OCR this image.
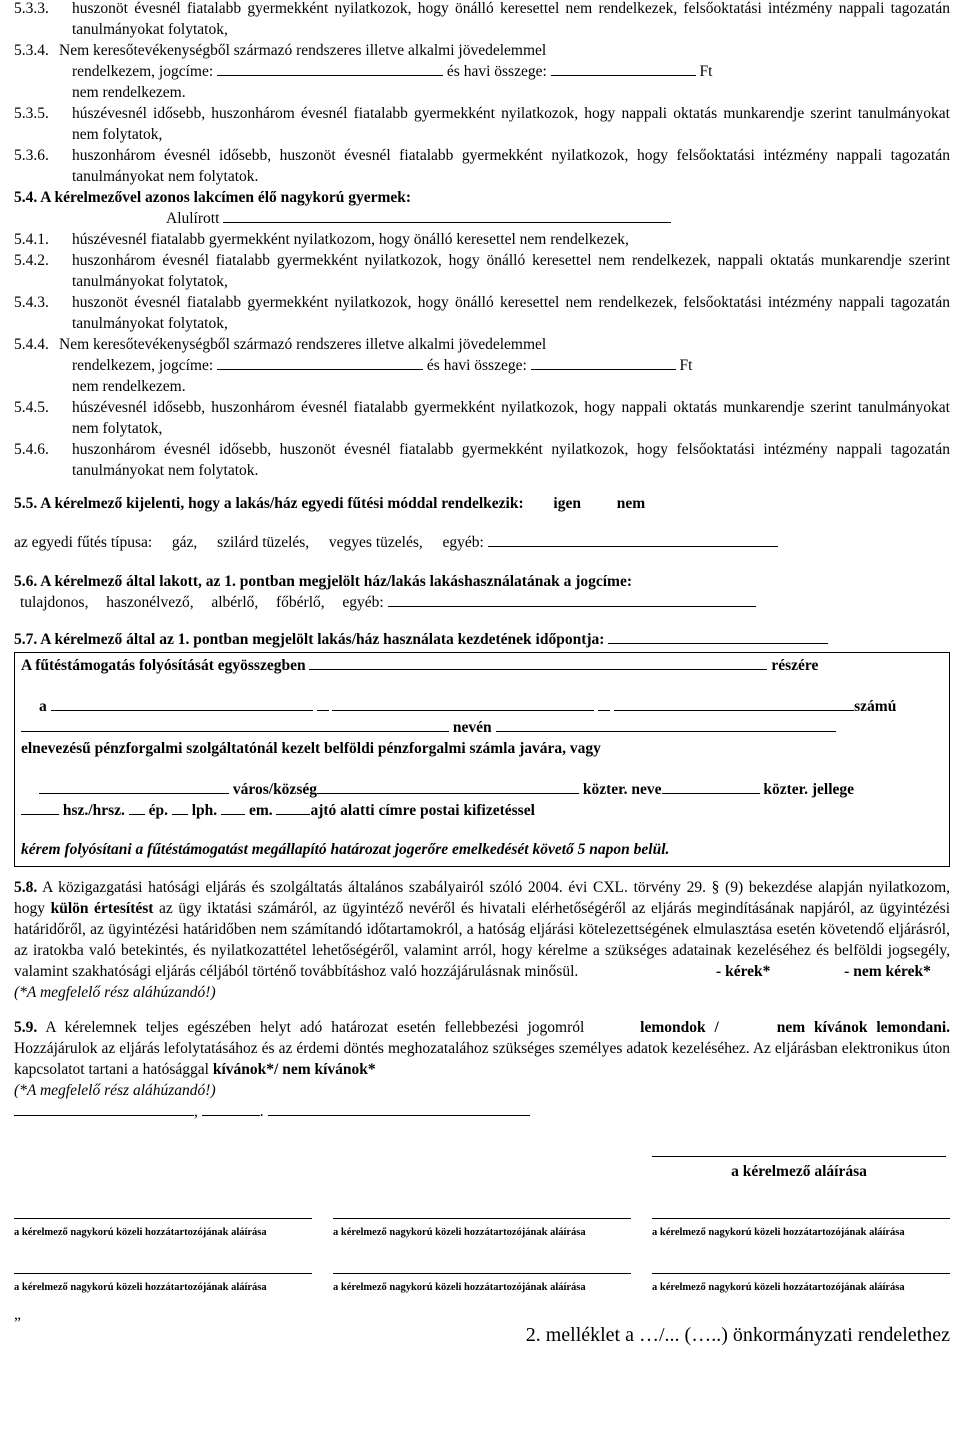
5.3.3.	huszonöt évesnél fiatalabb gyermekként nyilatkozok, hogy önálló keresettel nem rendelkezek, felsőoktatási intézmény nappali tagozatán tanulmányokat folytatok,
5.3.4. Nem keresőtevékenységből származó rendszeres illetve alkalmi jövedelemmel
rendelkezem, jogcíme:	és havi összege:	Ft
nem rendelkezem.
5.3.5.	húszévesnél idősebb, huszonhárom évesnél fiatalabb gyermekként nyilatkozok, hogy nappali oktatás munkarendje szerint tanulmányokat nem folytatok,
5.3.6.	huszonhárom évesnél idősebb, huszonöt évesnél fiatalabb gyermekként nyilatkozok, hogy felsőoktatási intézmény nappali tagozatán tanulmányokat nem folytatok.
5.4. A kérelmezővel azonos lakcímen élő nagykorú gyermek:
Alulírott
5.4.1.	húszévesnél fiatalabb gyermekként nyilatkozom, hogy önálló keresettel nem rendelkezek,
5.4.2.	huszonhárom évesnél fiatalabb gyermekként nyilatkozok, hogy önálló keresettel nem rendelkezek, nappali oktatás munkarendje szerint tanulmányokat folytatok,
5.4.3.	huszonöt évesnél fiatalabb gyermekként nyilatkozok, hogy önálló keresettel nem rendelkezek, felsőoktatási intézmény nappali tagozatán tanulmányokat folytatok,
5.4.4. Nem keresőtevékenységből származó rendszeres illetve alkalmi jövedelemmel
rendelkezem, jogcíme:	és havi összege:	Ft
nem rendelkezem.
5.4.5.	húszévesnél idősebb, huszonhárom évesnél fiatalabb gyermekként nyilatkozok, hogy nappali oktatás munkarendje szerint tanulmányokat nem folytatok,
5.4.6.	huszonhárom évesnél idősebb, huszonöt évesnél fiatalabb gyermekként nyilatkozok, hogy felsőoktatási intézmény nappali tagozatán tanulmányokat nem folytatok.
5.5. A kérelmező kijelenti, hogy a lakás/ház egyedi fűtési móddal rendelkezik: igen nem
az egyedi fűtés típusa: gáz, szilárd tüzelés, vegyes tüzelés, egyéb:
5.6. A kérelmező által lakott, az 1. pontban megjelölt ház/lakás lakáshasználatának a jogcíme:
tulajdonos, haszonélvező, albérlő, főbérlő, egyéb:
5.7. A kérelmező által az 1. pontban megjelölt lakás/ház használata kezdetének időpontja:
A fűtéstámogatás folyósítását egyösszegben	részére
a	számú
nevén
elnevezésű pénzforgalmi szolgáltatónál kezelt belföldi pénzforgalmi számla javára, vagy
város/község	közter. neve	közter. jellege
hsz./hrsz. ép. lph. em. ajtó alatti címre postai kifizetéssel
kérem folyósítani a fűtéstámogatást megállapító határozat jogerőre emelkedését követő 5 napon belül.
5.8. A közigazgatási hatósági eljárás és szolgáltatás általános szabályairól szóló 2004. évi CXL. törvény 29. § (9) bekezdése alapján nyilatkozom, hogy külön értesítést az ügy iktatási számáról, az ügyintéző nevéről és hivatali elérhetőségéről az eljárás megindításának napjáról, az ügyintézési határidőről, az ügyintézési határidőben nem számítandó időtartamokról, a hatóság eljárási kötelezettségének elmulasztása esetén követendő eljárásról, az iratokba való betekintés, és nyilatkozattétel lehetőségéről, valamint arról, hogy kérelme a szükséges adatainak kezeléséhez és belföldi jogsegély, valamint szakhatósági eljárás céljából történő továbbításhoz való hozzájárulásnak minősül.	- kérek*	- nem kérek*
(*A megfelelő rész aláhúzandó!)
5.9. A kérelemnek teljes egészében helyt adó határozat esetén fellebbezési jogomról	lemondok /	nem kívánok lemondani. Hozzájárulok az eljárás lefolytatásához és az érdemi döntés meghozatalához szükséges személyes adatok kezeléséhez. Az eljárásban elektronikus úton kapcsolatot tartani a hatósággal kívánok*/ nem kívánok*
(*A megfelelő rész aláhúzandó!)
,	.
a kérelmező aláírása
a kérelmező nagykorú közeli hozzátartozójának aláírása	a kérelmező nagykorú közeli hozzátartozójának aláírása	a kérelmező nagykorú közeli hozzátartozójának aláírása
a kérelmező nagykorú közeli hozzátartozójának aláírása	a kérelmező nagykorú közeli hozzátartozójának aláírása	a kérelmező nagykorú közeli hozzátartozójának aláírása
„
2. melléklet a …/... (…..) önkormányzati rendelethez
